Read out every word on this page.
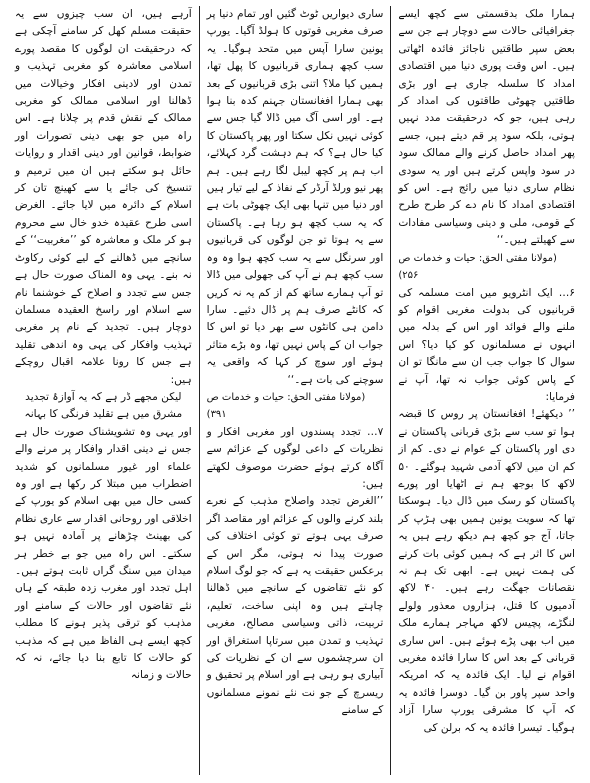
ہمارا ملک بدقسمتی سے کچھ ایسے جغرافیائی حالات سے دوچار ہے جن سے بعض سپر طاقتیں ناجائز فائدہ اٹھاتی ہیں۔ اس وقت پوری دنیا میں اقتصادی امداد کا سلسلہ جاری ہے اور بڑی طاقتیں چھوٹی طاقتوں کی امداد کر رہی ہیں، جو کہ درحقیقت مدد نہیں ہوتی، بلکہ سود پر قم دیتے ہیں، جسے پھر امداد حاصل کرنے والے ممالک سود در سود واپس کرتے ہیں اور یہ سودی نظام ساری دنیا میں رائج ہے۔ اس کو اقتصادی امداد کا نام دے کر طرح طرح کے قومی، ملی و دینی وسیاسی مفادات سے کھیلتے ہیں۔‘‘

(مولانا مفتی الحق: حیات و خدمات ص ۲۵۶)

۶… ایک انٹرویو میں امت مسلمہ کی قربانیوں کی بدولت مغربی اقوام کو ملنے والے فوائد اور اس کے بدلہ میں انہوں نے مسلمانوں کو کیا دیا؟ اس سوال کا جواب جب ان سے مانگا تو ان کے پاس کوئی جواب نہ تھا، آپ نے فرمایا:

’’ دیکھئے! افغانستان پر روس کا قبضہ ہوا تو سب سے بڑی قربانی پاکستان نے دی اور پاکستان کے عوام نے دی۔ کم از کم ان میں لاکھ آدمی شہید ہوگئے۔ ۵۰ لاکھ کا بوجھ ہم نے اٹھایا اور پورے پاکستان کو رسک میں ڈال دیا۔ ہوسکتا تھا کہ سویت یونین ہمیں بھی ہڑپ کر جاتا، آج جو کچھ ہم دیکھ رہے ہیں یہ اس کا اثر ہے کہ ہمیں کوئی بات کرنے کی ہمت نہیں ہے۔ ابھی تک ہم نہ نقصانات جھگت رہے ہیں۔ ۴۰ لاکھ آدمیوں کا قتل، ہزاروں معذور ولولے لنگڑے، پچیس لاکھ مہاجر ہمارے ملک میں اب بھی پڑے ہوئے ہیں۔ اس ساری قربانی کے بعد اس کا سارا فائدہ مغربی اقوام نے لیا۔ ایک فائدہ یہ کہ امریکہ واحد سپر پاور بن گیا۔ دوسرا فائدہ یہ کہ آپ کا مشرقی یورپ سارا آزاد ہوگیا۔ تیسرا فائدہ یہ کہ برلن کی

ساری دیواریں ٹوٹ گئیں اور تمام دنیا پر صرف مغربی قوتوں کا ہولڈ آگیا۔ یورپ یونین سارا آپس میں متحد ہوگیا۔ یہ سب کچھ ہماری قربانیوں کا پھل تھا، ہمیں کیا ملا؟ اتنی بڑی قربانیوں کے بعد بھی ہمارا افغانستان جہنم کدہ بنا ہوا ہے۔ اور اسی آگ میں ڈالا گیا جس سے کوئی نہیں نکل سکتا اور پھر پاکستان کا کیا حال ہے؟ کہ ہم دہشت گرد کہلائے، اب ہم پر کچھ لیبل لگا رہے ہیں۔ ہم پھر نیو ورلڈ آرڈر کے نفاذ کے لیے تیار ہیں اور دنیا میں تنہا بھی ایک چھوٹی بات ہے کہ یہ سب کچھ ہو رہا ہے۔ پاکستان سے یہ ہوتا تو جن لوگوں کی قربانیوں اور سرنگل سے یہ سب کچھ ہوا وہ وہ سب کچھ ہم نے آپ کی جھولی میں ڈالا تو آپ ہمارے ساتھ کم از کم یہ نہ کریں کہ کانٹے صرف ہم پر ڈال دئیے۔ سارا دامن ہی کانٹوں سے بھر دیا تو اس کا جواب ان کے پاس نہیں تھا، وہ بڑے متاثر ہوئے اور سوچ کر کہا کہ واقعی یہ سوچنے کی بات ہے۔‘‘

(مولانا مفتی الحق: حیات و خدمات ص ۳۹۱)

۷… تجدد پسندوں اور مغربی افکار و نظریات کے داعی لوگوں کے عزائم سے آگاہ کرتے ہوئے حضرت موصوف لکھتے ہیں:

’’الغرض تجدد واصلاح مذہب کے نعرے بلند کرنے والوں کے عزائم اور مقاصد اگر صرف یہی ہوتے تو کوئی اختلاف کی صورت پیدا نہ ہوتی، مگر اس کے برعکس حقیقت یہ ہے کہ جو لوگ اسلام کو نئے تقاضوں کے سانچے میں ڈھالنا چاہتے ہیں وہ اپنی ساخت، تعلیم، تربیت، ذاتی وسیاسی مصالح، مغربی تہذیب و تمدن میں سرتاپا استغراق اور ان سرچشموں سے ان کے نظریات کی آبیاری ہو رہی ہے اور اسلام پر تحقیق و ریسرچ کے جو نت نئے نمونے مسلمانوں کے سامنے

آرہے ہیں، ان سب چیزوں سے یہ حقیقت مسلم کھل کر سامنے آچکی ہے کہ درحقیقت ان لوگوں کا مقصد پورے اسلامی معاشرہ کو مغربی تہذیب و تمدن اور لادینی افکار وخیالات میں ڈھالنا اور اسلامی ممالک کو مغربی ممالک کے نقش قدم پر چلانا ہے۔ اس راہ میں جو بھی دینی تصورات اور ضوابط، قوانین اور دینی اقدار و روایات حائل ہو سکتے ہیں ان میں ترمیم و تنسیخ کی جائے یا سے کھینچ تان کر اسلام کے دائرہ میں لایا جائے۔ الغرض اسی طرح عقیدہ خدو خال سے محروم ہو کر ملک و معاشرہ کو ’’مغربیت‘‘ کے سانچے میں ڈھالنے کے لیے کوئی رکاوٹ نہ بنے۔ یہی وہ المناک صورت حال ہے جس سے تجدد و اصلاح کے خوشنما نام سے اسلام اور راسخ العقیدہ مسلمان دوچار ہیں۔ تجدید کے نام پر مغربی تہذیب وافکار کی یہی وہ اندھی تقلید ہے جس کا رونا علامہ اقبال روچکے ہیں:

لیکن مجھے ڈر ہے کہ یہ آوازۂ تجدید

مشرق میں ہے تقلید فرنگی کا بہانہ

اور یہی وہ تشویشناک صورت حال ہے جس نے دینی اقدار وافکار پر مرنے والے علماء اور غیور مسلمانوں کو شدید اضطراب میں مبتلا کر رکھا ہے اور وہ کسی حال میں بھی اسلام کو یورپ کے اخلاقی اور روحانی اقدار سے عاری نظام کی بھینٹ چڑھانے پر آمادہ نہیں ہو سکتے۔ اس راہ میں جو بے خطر ہر میدان میں سنگ گراں ثابت ہوتے ہیں۔ اہل تجدد اور مغرب زدہ طبقہ کے ہاں نئے تقاضوں اور حالات کے سامنے اور مذہب کو ترقی پذیر ہونے کا مطلب کچھ ایسے ہی الفاظ میں ہے کہ مذہب کو حالات کا تابع بنا دیا جائے، نہ کہ حالات و زمانہ
